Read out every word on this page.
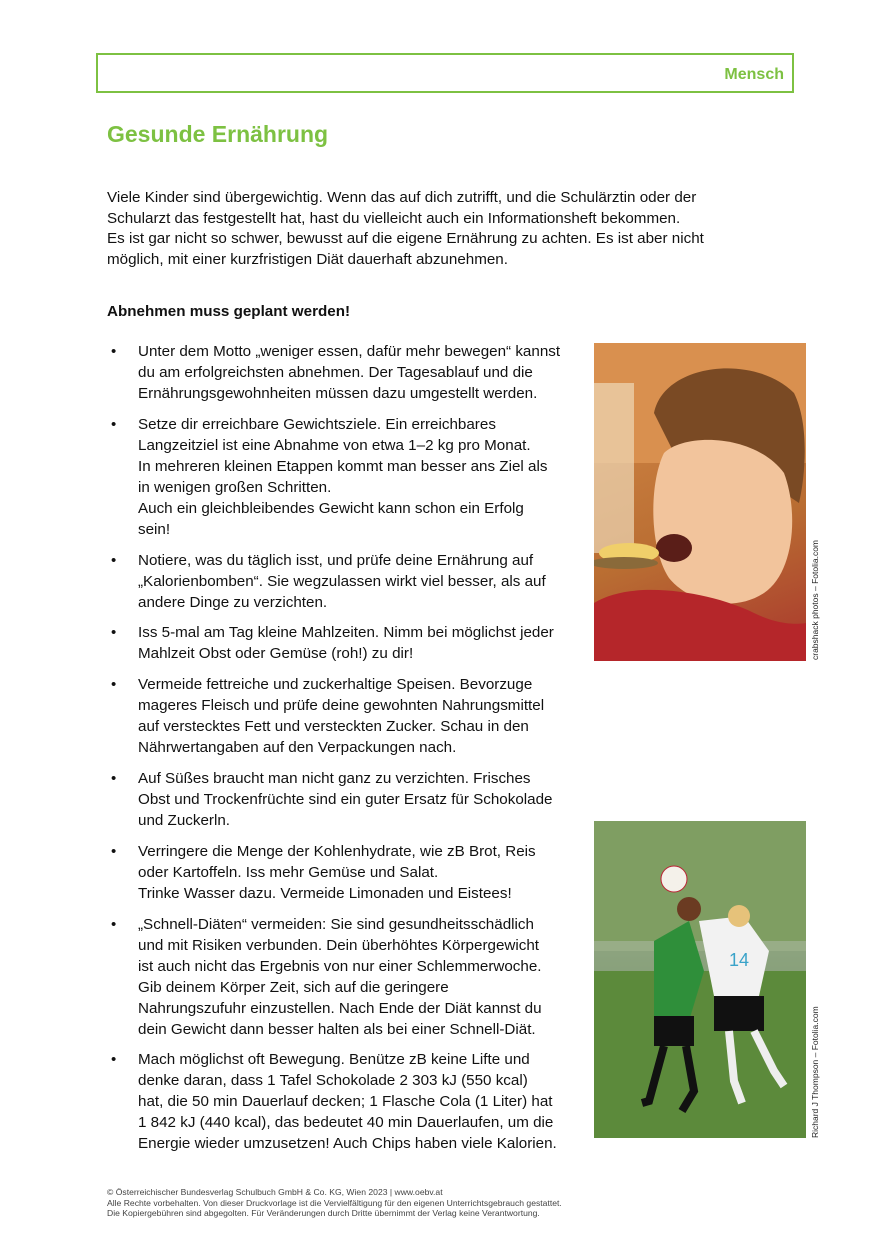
Mensch
Gesunde Ernährung
Viele Kinder sind übergewichtig. Wenn das auf dich zutrifft, und die Schulärztin oder der
Schularzt das festgestellt hat, hast du vielleicht auch ein Informationsheft bekommen.
Es ist gar nicht so schwer, bewusst auf die eigene Ernährung zu achten. Es ist aber nicht
möglich, mit einer kurzfristigen Diät dauerhaft abzunehmen.
Abnehmen muss geplant werden!
• Unter dem Motto „weniger essen, dafür mehr bewegen“ kannst
du am erfolgreichsten abnehmen. Der Tagesablauf und die
Ernährungsgewohnheiten müssen dazu umgestellt werden.
• Setze dir erreichbare Gewichtsziele. Ein erreichbares
Langzeitziel ist eine Abnahme von etwa 1–2 kg pro Monat.
In mehreren kleinen Etappen kommt man besser ans Ziel als
in wenigen großen Schritten.
Auch ein gleichbleibendes Gewicht kann schon ein Erfolg
sein!
• Notiere, was du täglich isst, und prüfe deine Ernährung auf
„Kalorienbomben“. Sie wegzulassen wirkt viel besser, als auf
andere Dinge zu verzichten.
• Iss 5-mal am Tag kleine Mahlzeiten. Nimm bei möglichst jeder
Mahlzeit Obst oder Gemüse (roh!) zu dir!
• Vermeide fettreiche und zuckerhaltige Speisen. Bevorzuge
mageres Fleisch und prüfe deine gewohnten Nahrungsmittel
auf verstecktes Fett und versteckten Zucker. Schau in den
Nährwertangaben auf den Verpackungen nach.
• Auf Süßes braucht man nicht ganz zu verzichten. Frisches
Obst und Trockenfrüchte sind ein guter Ersatz für Schokolade
und Zuckerln.
• Verringere die Menge der Kohlenhydrate, wie zB Brot, Reis
oder Kartoffeln. Iss mehr Gemüse und Salat.
Trinke Wasser dazu. Vermeide Limonaden und Eistees!
• „Schnell-Diäten“ vermeiden: Sie sind gesundheitsschädlich
und mit Risiken verbunden. Dein überhöhtes Körpergewicht
ist auch nicht das Ergebnis von nur einer Schlemmerwoche.
Gib deinem Körper Zeit, sich auf die geringere
Nahrungszufuhr einzustellen. Nach Ende der Diät kannst du
dein Gewicht dann besser halten als bei einer Schnell-Diät.
• Mach möglichst oft Bewegung. Benütze zB keine Lifte und
denke daran, dass 1 Tafel Schokolade 2 303 kJ (550 kcal)
hat, die 50 min Dauerlauf decken; 1 Flasche Cola (1 Liter) hat
1 842 kJ (440 kcal), das bedeutet 40 min Dauerlaufen, um die
Energie wieder umzusetzen! Auch Chips haben viele Kalorien.
crabshack photos – Fotolia.com
14
Richard J Thompson – Fotolia.com
© Österreichischer Bundesverlag Schulbuch GmbH & Co. KG, Wien 2023 | www.oebv.at
Alle Rechte vorbehalten. Von dieser Druckvorlage ist die Vervielfältigung für den eigenen Unterrichtsgebrauch gestattet.
Die Kopiergebühren sind abgegolten. Für Veränderungen durch Dritte übernimmt der Verlag keine Verantwortung.
